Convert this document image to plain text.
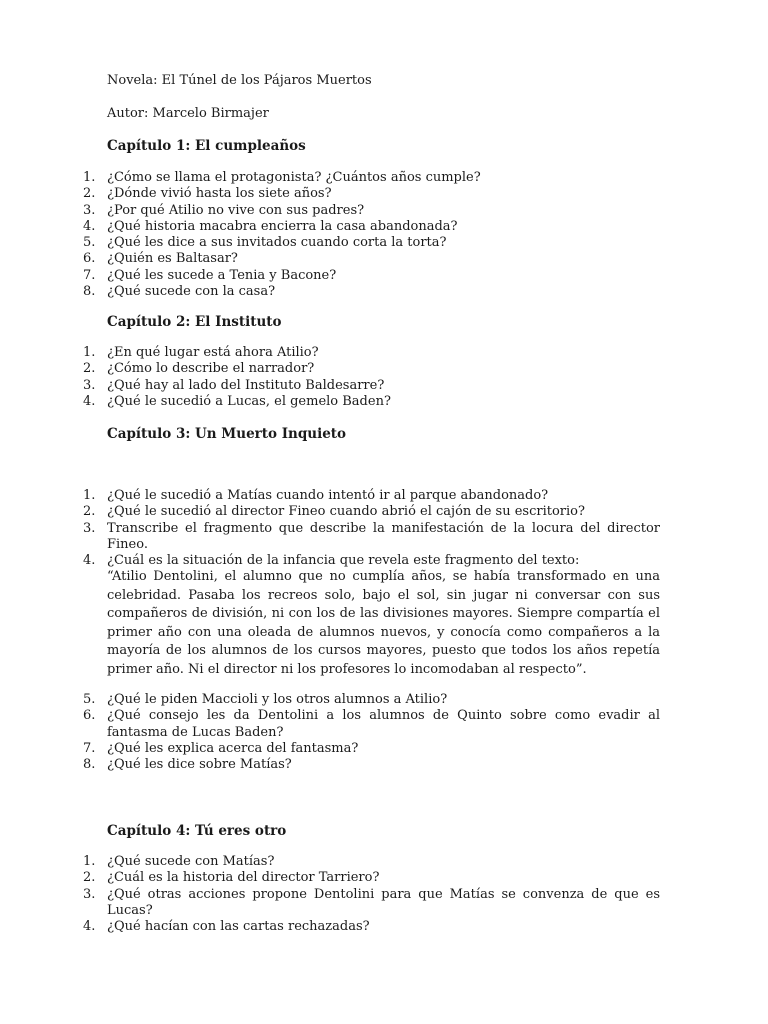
Novela: El Túnel de los Pájaros Muertos
Autor: Marcelo Birmajer
Capítulo 1: El cumpleaños
1. ¿Cómo se llama el protagonista? ¿Cuántos años cumple?
2. ¿Dónde vivió hasta los siete años?
3. ¿Por qué Atilio no vive con sus padres?
4. ¿Qué historia macabra encierra la casa abandonada?
5. ¿Qué les dice a sus invitados cuando corta la torta?
6. ¿Quién es Baltasar?
7. ¿Qué les sucede a Tenia y Bacone?
8. ¿Qué sucede con la casa?
Capítulo 2: El Instituto
1. ¿En qué lugar está ahora Atilio?
2. ¿Cómo lo describe el narrador?
3. ¿Qué hay al lado del Instituto Baldesarre?
4. ¿Qué le sucedió a Lucas, el gemelo Baden?
Capítulo 3: Un Muerto Inquieto
1. ¿Qué le sucedió a Matías cuando intentó ir al parque abandonado?
2. ¿Qué le sucedió al director Fineo cuando abrió el cajón de su escritorio?
3. Transcribe el fragmento que describe la manifestación de la locura del director Fineo.
4. ¿Cuál es la situación de la infancia que revela este fragmento del texto:
“Atilio Dentolini, el alumno que no cumplía años, se había transformado en una celebridad. Pasaba los recreos solo, bajo el sol, sin jugar ni conversar con sus compañeros de división, ni con los de las divisiones mayores. Siempre compartía el primer año con una oleada de alumnos nuevos, y conocía como compañeros a la mayoría de los alumnos de los cursos mayores, puesto que todos los años repetía primer año. Ni el director ni los profesores lo incomodaban al respecto”.
5. ¿Qué le piden Maccioli y los otros alumnos a Atilio?
6. ¿Qué consejo les da Dentolini a los alumnos de Quinto sobre como evadir al fantasma de Lucas Baden?
7. ¿Qué les explica acerca del fantasma?
8. ¿Qué les dice sobre Matías?
Capítulo 4: Tú eres otro
1. ¿Qué sucede con Matías?
2. ¿Cuál es la historia del director Tarriero?
3. ¿Qué otras acciones propone Dentolini para que Matías se convenza de que es Lucas?
4. ¿Qué hacían con las cartas rechazadas?
